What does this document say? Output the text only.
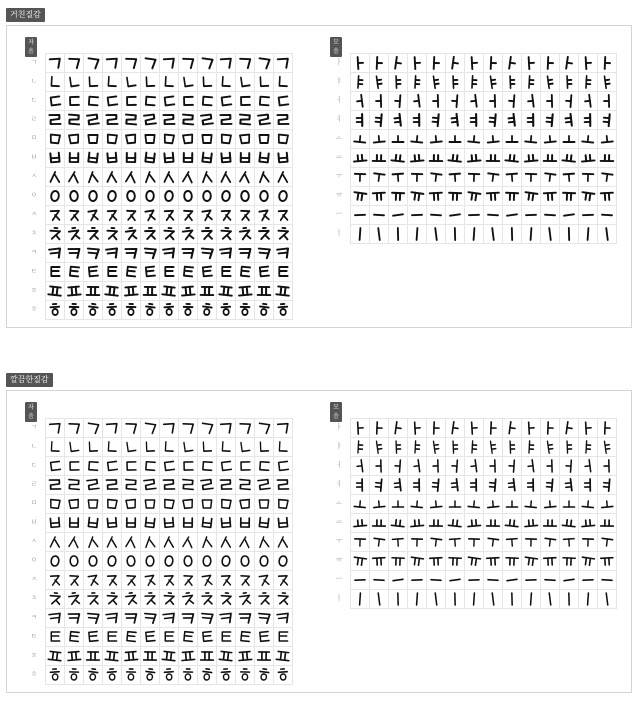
거친질감
자
음
모
음
ㄱ
ㄴ
ㄷ
ㄹ
ㅁ
ㅂ
ㅅ
ㅇ
ㅈ
ㅊ
ㅋ
ㅌ
ㅍ
ㅎ
ㅏ
ㅑ
ㅓ
ㅕ
ㅗ
ㅛ
ㅜ
ㅠ
ㅡ
ㅣ
깔끔한질감
자
음
모
음
ㄱ
ㄴ
ㄷ
ㄹ
ㅁ
ㅂ
ㅅ
ㅇ
ㅈ
ㅊ
ㅋ
ㅌ
ㅍ
ㅎ
ㅏ
ㅑ
ㅓ
ㅕ
ㅗ
ㅛ
ㅜ
ㅠ
ㅡ
ㅣ
